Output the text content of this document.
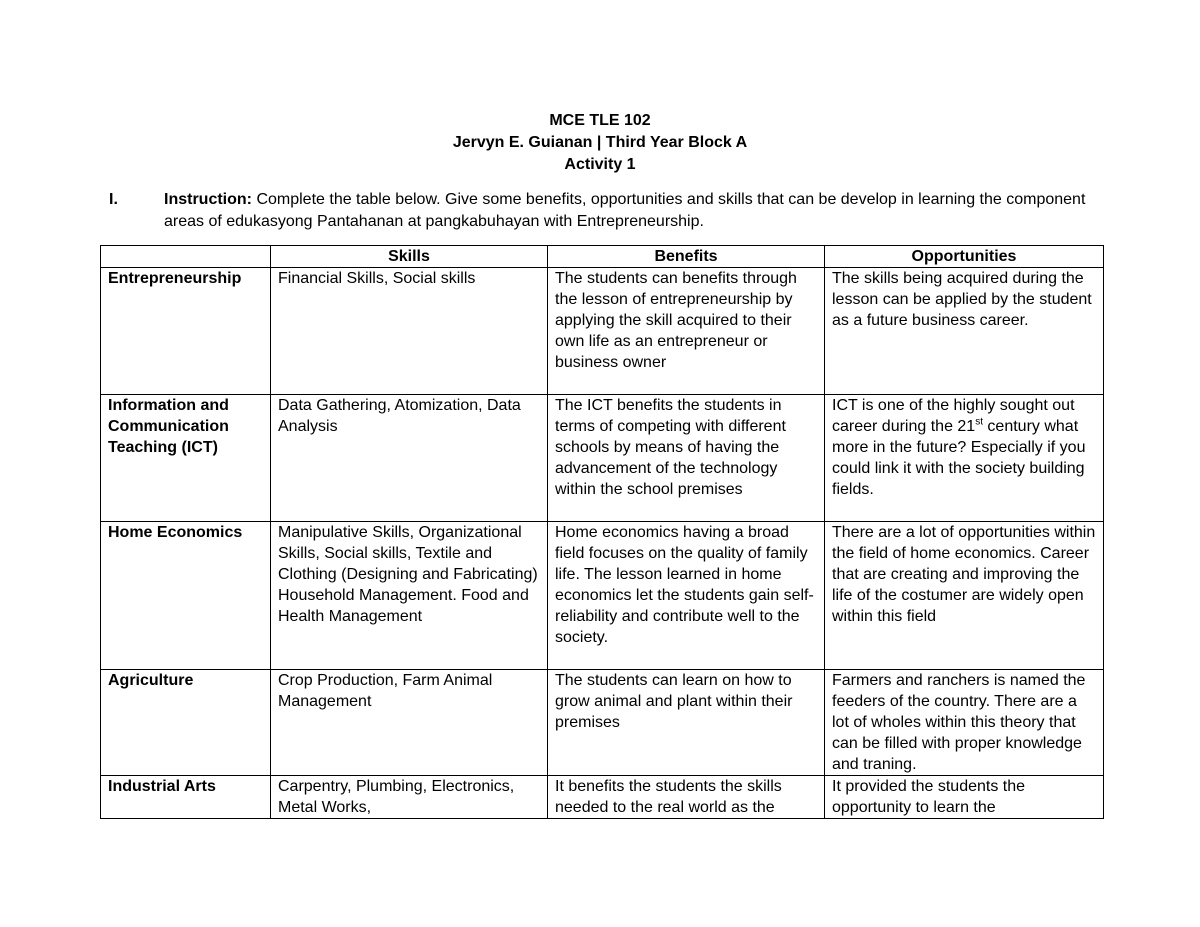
MCE TLE 102
Jervyn E. Guianan | Third Year Block A
Activity 1
I.	Instruction: Complete the table below. Give some benefits, opportunities and skills that can be develop in learning the component areas of edukasyong Pantahanan at pangkabuhayan with Entrepreneurship.
	Skills	Benefits	Opportunities
Entrepreneurship	Financial Skills, Social skills	The students can benefits through the lesson of entrepreneurship by applying the skill acquired to their own life as an entrepreneur or business owner	The skills being acquired during the lesson can be applied by the student as a future business career.
Information and Communication Teaching (ICT)	Data Gathering, Atomization, Data Analysis	The ICT benefits the students in terms of competing with different schools by means of having the advancement of the technology within the school premises	ICT is one of the highly sought out career during the 21st century what more in the future? Especially if you could link it with the society building fields.
Home Economics	Manipulative Skills, Organizational Skills, Social skills, Textile and Clothing (Designing and Fabricating) Household Management. Food and Health Management	Home economics having a broad field focuses on the quality of family life. The lesson learned in home economics let the students gain self-reliability and contribute well to the society.	There are a lot of opportunities within the field of home economics. Career that are creating and improving the life of the costumer are widely open within this field
Agriculture	Crop Production, Farm Animal Management	The students can learn on how to grow animal and plant within their premises	Farmers and ranchers is named the feeders of the country. There are a lot of wholes within this theory that can be filled with proper knowledge and traning.
Industrial Arts	Carpentry, Plumbing, Electronics, Metal Works,	It benefits the students the skills needed to the real world as the	It provided the students the opportunity to learn the
